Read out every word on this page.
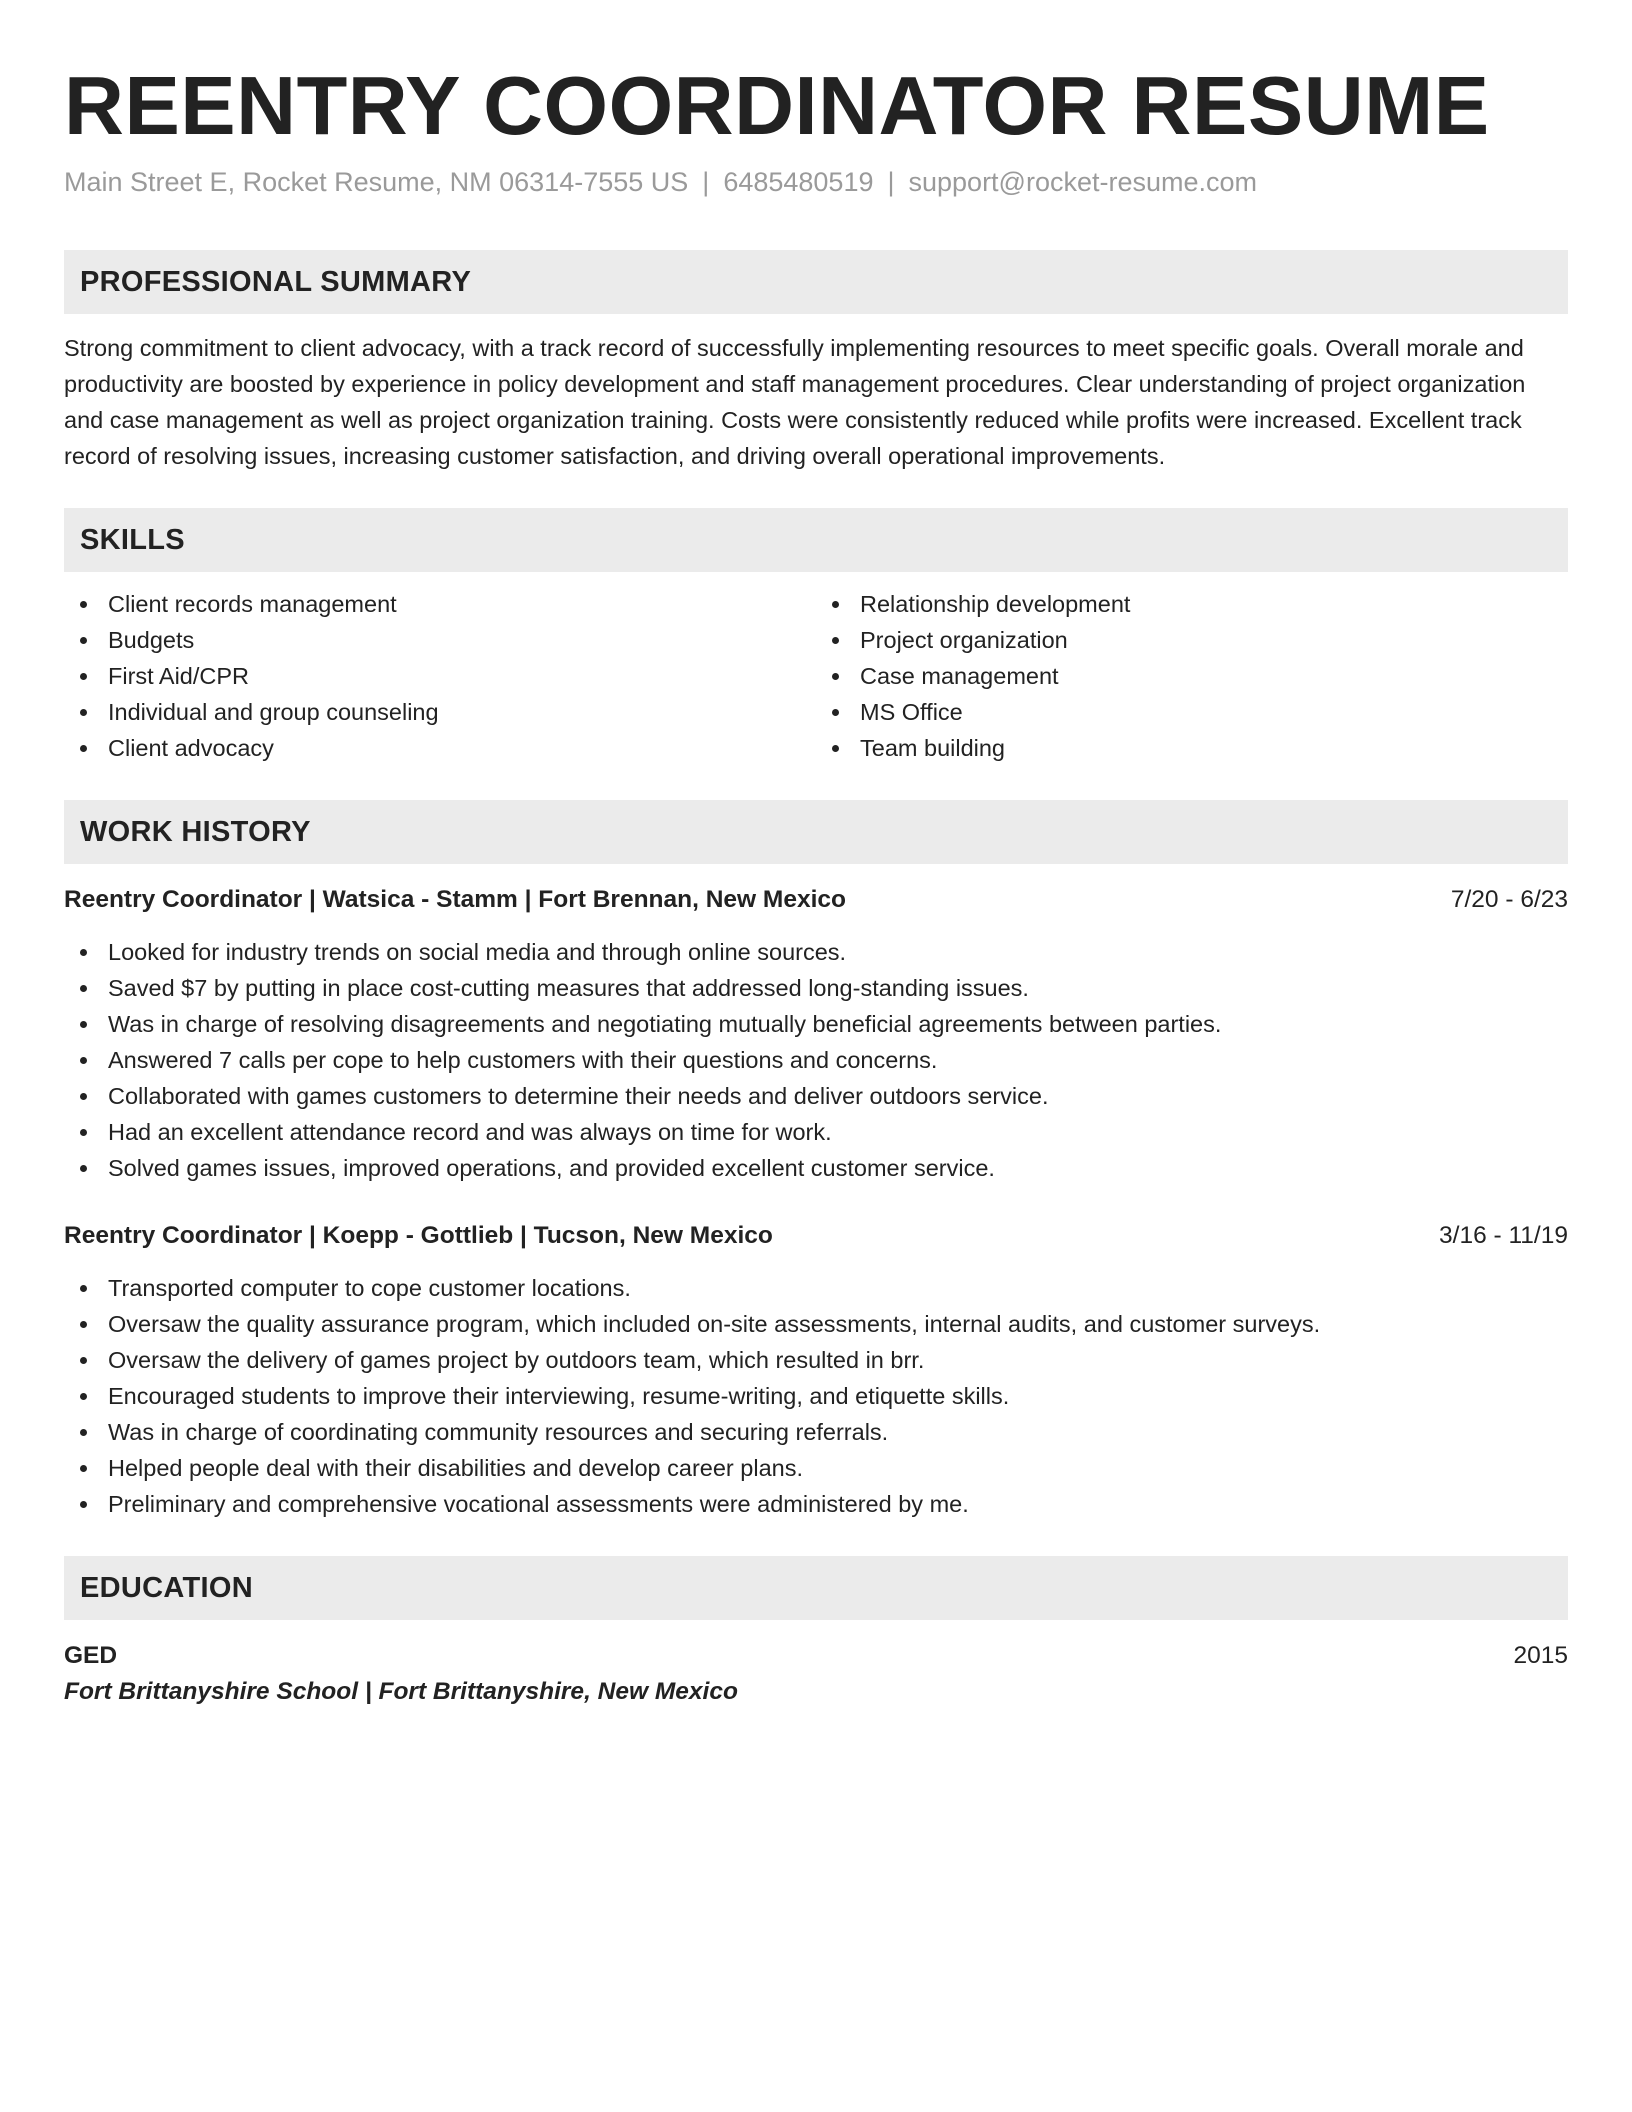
REENTRY COORDINATOR RESUME
Main Street E, Rocket Resume, NM 06314-7555 US | 6485480519 | support@rocket-resume.com
PROFESSIONAL SUMMARY
Strong commitment to client advocacy, with a track record of successfully implementing resources to meet specific goals. Overall morale and productivity are boosted by experience in policy development and staff management procedures. Clear understanding of project organization and case management as well as project organization training. Costs were consistently reduced while profits were increased. Excellent track record of resolving issues, increasing customer satisfaction, and driving overall operational improvements.
SKILLS
Client records management
Budgets
First Aid/CPR
Individual and group counseling
Client advocacy
Relationship development
Project organization
Case management
MS Office
Team building
WORK HISTORY
Reentry Coordinator | Watsica - Stamm | Fort Brennan, New Mexico	7/20 - 6/23
Looked for industry trends on social media and through online sources.
Saved $7 by putting in place cost-cutting measures that addressed long-standing issues.
Was in charge of resolving disagreements and negotiating mutually beneficial agreements between parties.
Answered 7 calls per cope to help customers with their questions and concerns.
Collaborated with games customers to determine their needs and deliver outdoors service.
Had an excellent attendance record and was always on time for work.
Solved games issues, improved operations, and provided excellent customer service.
Reentry Coordinator | Koepp - Gottlieb | Tucson, New Mexico	3/16 - 11/19
Transported computer to cope customer locations.
Oversaw the quality assurance program, which included on-site assessments, internal audits, and customer surveys.
Oversaw the delivery of games project by outdoors team, which resulted in brr.
Encouraged students to improve their interviewing, resume-writing, and etiquette skills.
Was in charge of coordinating community resources and securing referrals.
Helped people deal with their disabilities and develop career plans.
Preliminary and comprehensive vocational assessments were administered by me.
EDUCATION
GED	2015
Fort Brittanyshire School | Fort Brittanyshire, New Mexico
